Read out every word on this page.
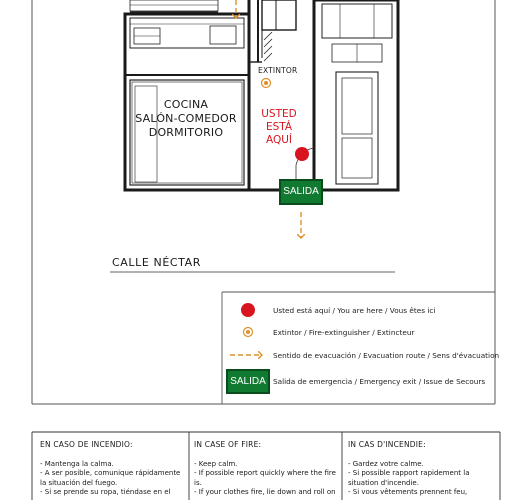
EXTINTOR
COCINA
SALÓN-COMEDOR
DORMITORIO
USTED
ESTÁ
AQUÍ
SALIDA
CALLE NÉCTAR
Usted está aquí / You are here / Vous êtes ici
Extintor / Fire-extinguisher / Extincteur
Sentido de evacuación / Evacuation route / Sens d'évacuation
SALIDA Salida de emergencia / Emergency exit / Issue de Secours
EN CASO DE INCENDIO:

- Mantenga la calma.

- A ser posible, comunique rápidamente

la situación del fuego.

- Si se prende su ropa, tiéndase en el

IN CASE OF FIRE:

- Keep calm.

- If possible report quickly where the fire

is.

- If your clothes fire, lie down and roll on

IN CAS D'INCENDIE:

- Gardez votre calme.

- Si possible rapport rapidement la

situation d'incendie.

- Si vous vêtements prennent feu,
